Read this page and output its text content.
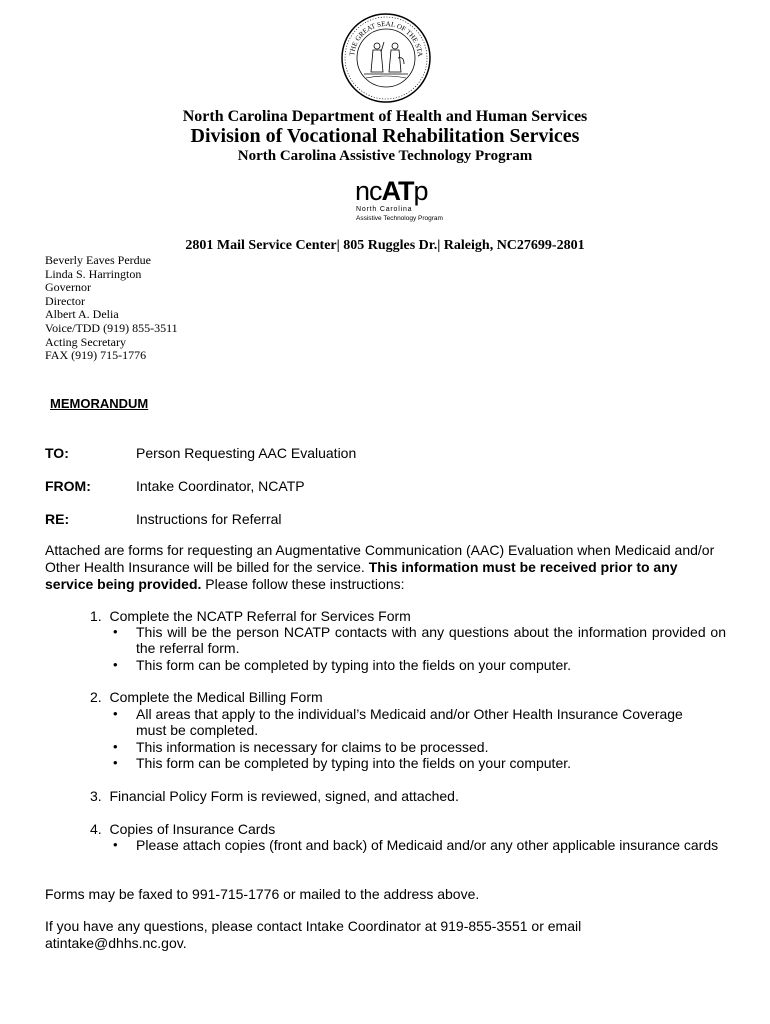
THE GREAT SEAL OF THE STA
North Carolina Department of Health and Human Services
Division of Vocational Rehabilitation Services
North Carolina Assistive Technology Program
ncATp
North Carolina
Assistive Technology Program
2801 Mail Service Center| 805 Ruggles Dr.| Raleigh, NC27699-2801
Beverly Eaves Perdue
Linda S. Harrington
Governor
Director
Albert A. Delia
Voice/TDD (919) 855-3511
Acting Secretary
FAX (919) 715-1776
MEMORANDUM
TO:	Person Requesting AAC Evaluation
FROM:	Intake Coordinator, NCATP
RE:	Instructions for Referral
Attached are forms for requesting an Augmentative Communication (AAC) Evaluation when Medicaid and/or Other Health Insurance will be billed for the service. This information must be received prior to any service being provided. Please follow these instructions:
1. Complete the NCATP Referral for Services Form
• This will be the person NCATP contacts with any questions about the information provided on the referral form.
• This form can be completed by typing into the fields on your computer.
2. Complete the Medical Billing Form
• All areas that apply to the individual’s Medicaid and/or Other Health Insurance Coverage must be completed.
• This information is necessary for claims to be processed.
• This form can be completed by typing into the fields on your computer.
3. Financial Policy Form is reviewed, signed, and attached.
4. Copies of Insurance Cards
• Please attach copies (front and back) of Medicaid and/or any other applicable insurance cards
Forms may be faxed to 991-715-1776 or mailed to the address above.
If you have any questions, please contact Intake Coordinator at 919-855-3551 or email atintake@dhhs.nc.gov.
